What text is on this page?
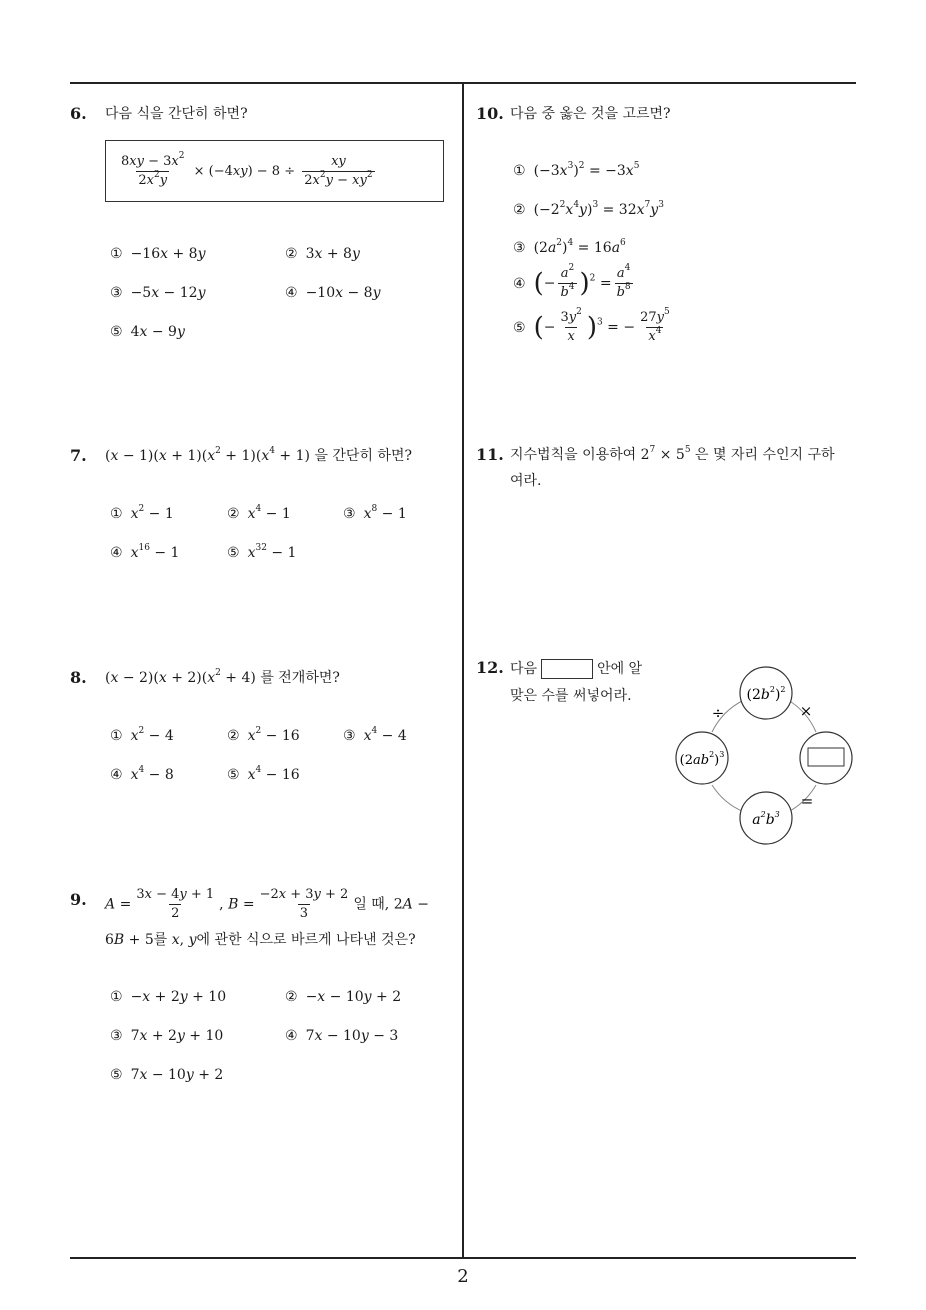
6. 다음 식을 간단히 하면?
$\frac{8xy - 3x^2}{2x^2y} \times (-4xy) - 8 \div \frac{xy}{2x^2y - xy^2}$
① −16x + 8y	② 3x + 8y
③ −5x − 12y	④ −10x − 8y
⑤ 4x − 9y
7. $(x - 1)(x + 1)(x^2 + 1)(x^4 + 1)$ 을 간단히 하면?
① $x^2 - 1$	② $x^4 - 1$	③ $x^8 - 1$
④ $x^{16} - 1$	⑤ $x^{32} - 1$
8. $(x - 2)(x + 2)(x^2 + 4)$ 를 전개하면?
① $x^2 - 4$	② $x^2 - 16$	③ $x^4 - 4$
④ $x^4 - 8$	⑤ $x^4 - 16$
9. $A = \frac{3x - 4y + 1}{2}$ , $B = \frac{-2x + 3y + 2}{3}$ 일 때, 2A −
6B + 5를 x, y에 관한 식으로 바르게 나타낸 것은?
① −x + 2y + 10	② −x − 10y + 2
③ 7x + 2y + 10	④ 7x − 10y − 3
⑤ 7x − 10y + 2
10. 다음 중 옳은 것을 고르면?
① $(-3x^3)^2 = -3x^5$
② $(-2^2x^4y)^3 = 32x^7y^3$
③ $(2a^2)^4 = 16a^6$
④ (− $\frac{a^2}{b^4} )^2 = \frac{a^4}{b^8}$
⑤ (− $\frac{3y^2}{x} )^3$ = − $\frac{27y^5}{x^4}$
11. 지수법칙을 이용하여 $2^7 \times 5^5$ 은 몇 자리 수인지 구하
여라.
12. 다음	안에 알
맞은 수를 써넣어라.	$(2b^2)^2$
$a^2b^3$
$(2ab^2)^3$
÷	×
=
2
